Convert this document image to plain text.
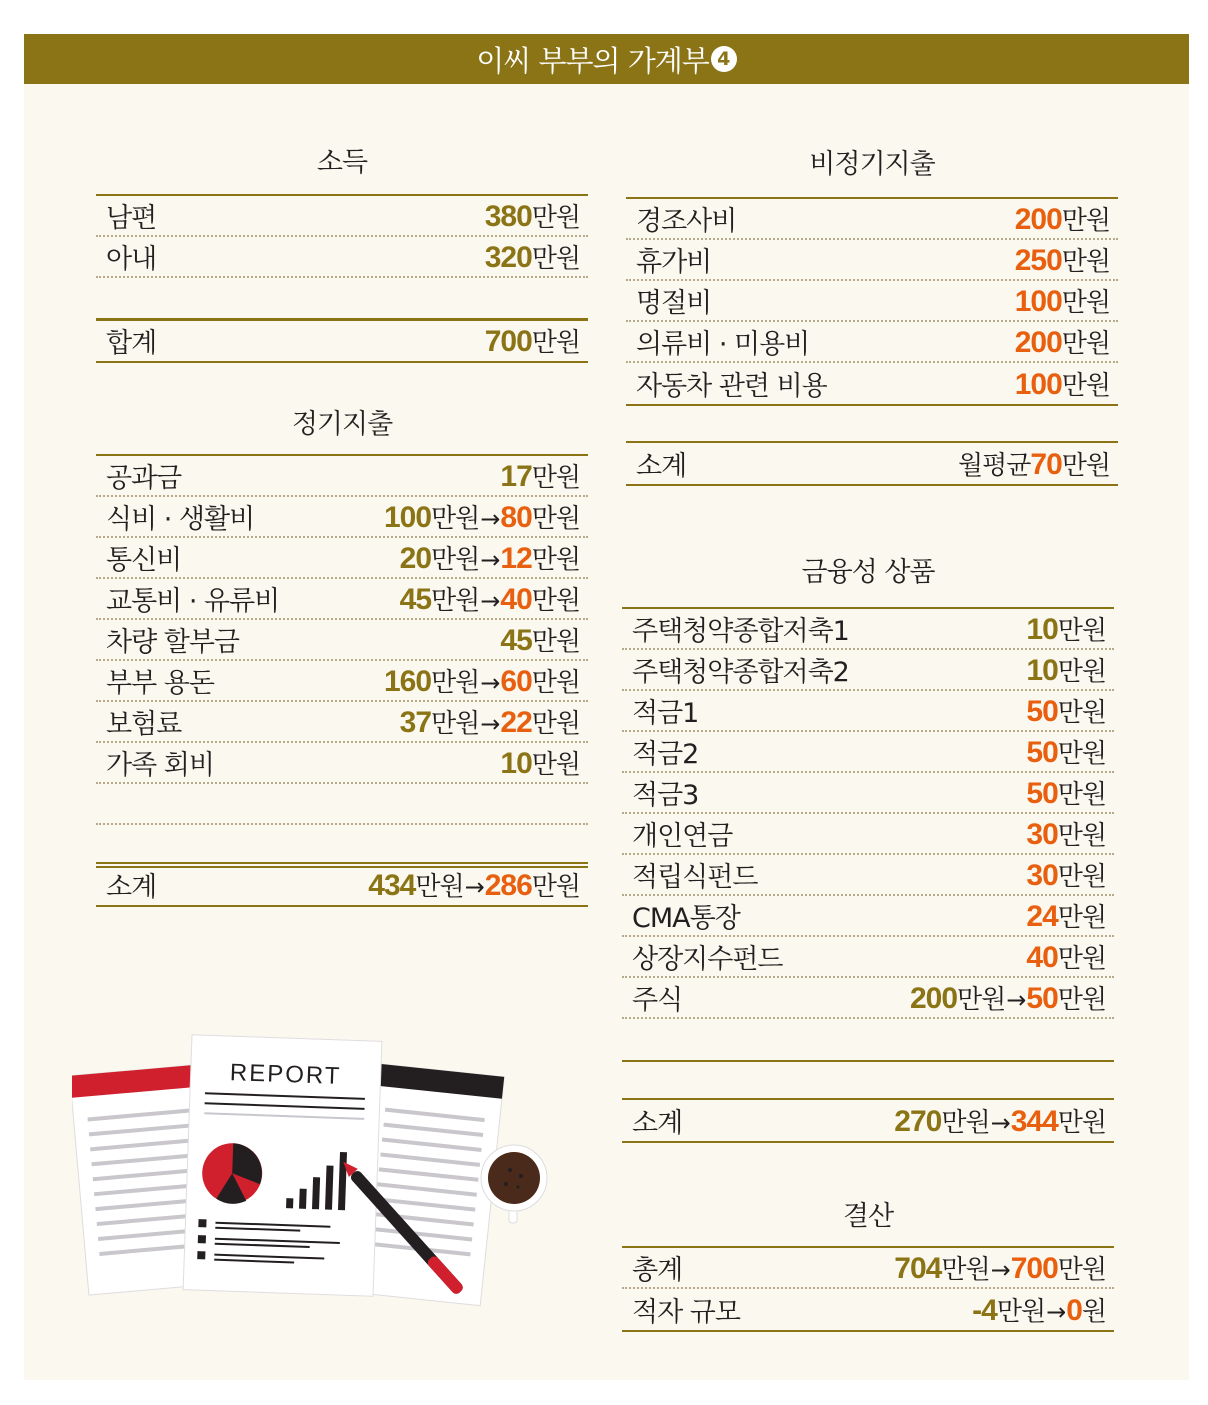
이씨 부부의 가계부 4
소득
남편	380 만원
아내	320 만원
합계	700 만원
정기지출
공과금	17 만원
식비 · 생활비	100 만원 → 80 만원
통신비	20 만원 → 12 만원
교통비 · 유류비	45 만원 → 40 만원
차량 할부금	45 만원
부부 용돈	160 만원 → 60 만원
보험료	37 만원 → 22 만원
가족 회비	10 만원
소계	434 만원 → 286 만원
비정기지출
경조사비	200 만원
휴가비	250 만원
명절비	100 만원
의류비 · 미용비	200 만원
자동차 관련 비용	100 만원
소계	월평균 70 만원
금융성 상품
주택청약종합저축1	10 만원
주택청약종합저축2	10 만원
적금1	50 만원
적금2	50 만원
적금3	50 만원
개인연금	30 만원
적립식펀드	30 만원
CMA통장	24 만원
상장지수펀드	40 만원
주식	200 만원 → 50 만원
소계	270 만원 → 344 만원
결산
총계	704 만원 → 700 만원
적자 규모	-4 만원 → 0 원
REPORT
